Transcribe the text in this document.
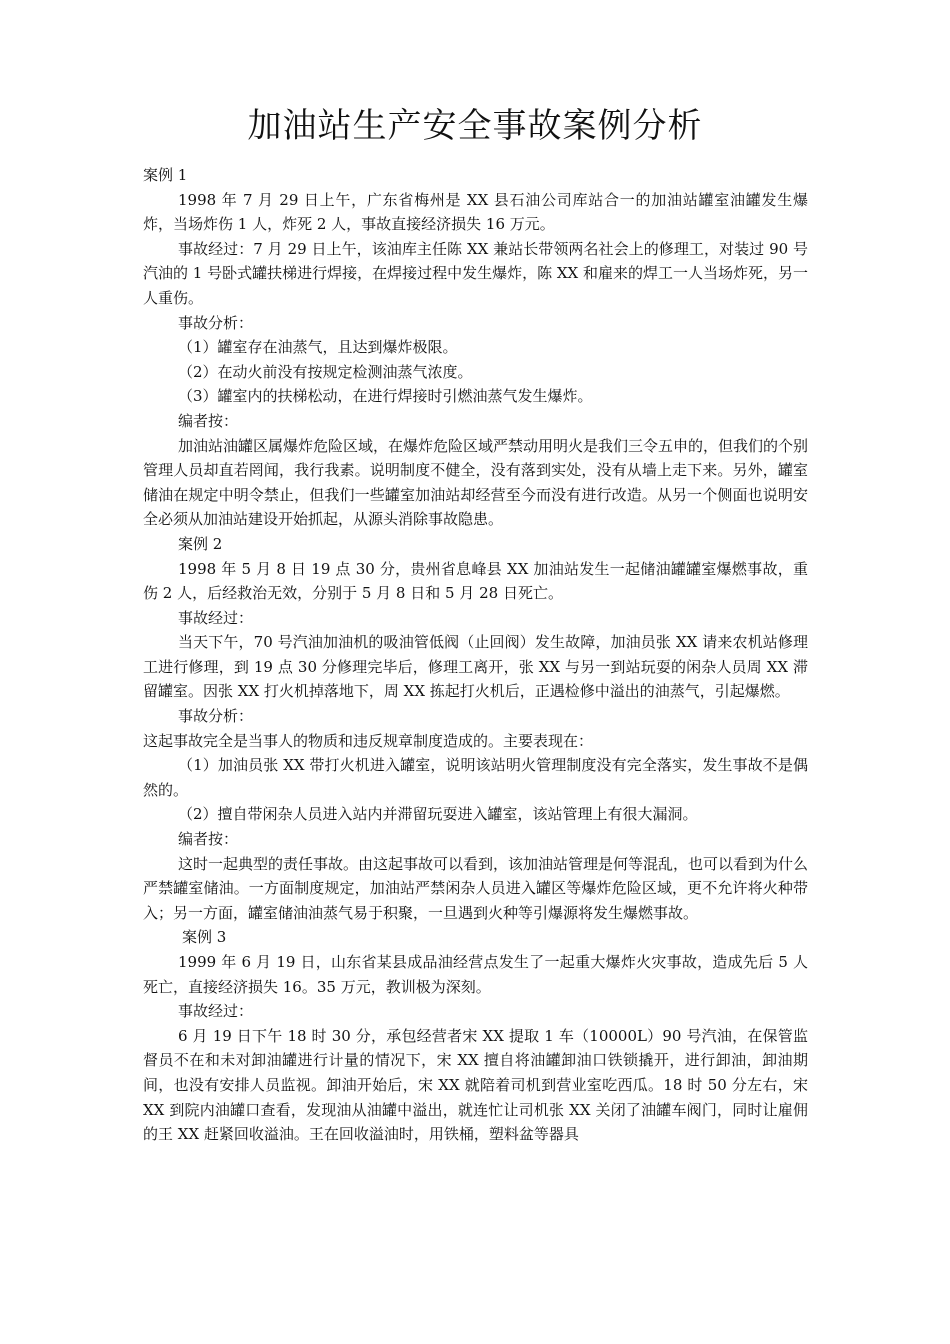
加油站生产安全事故案例分析

案例 1

1998 年 7 月 29 日上午，广东省梅州是 XX 县石油公司库站合一的加油站罐室油罐发生爆炸，当场炸伤 1 人，炸死 2 人，事故直接经济损失 16 万元。

事故经过：7 月 29 日上午，该油库主任陈 XX 兼站长带领两名社会上的修理工，对装过 90 号汽油的 1 号卧式罐扶梯进行焊接，在焊接过程中发生爆炸，陈 XX 和雇来的焊工一人当场炸死，另一人重伤。

事故分析：

（1）罐室存在油蒸气，且达到爆炸极限。

（2）在动火前没有按规定检测油蒸气浓度。

（3）罐室内的扶梯松动，在进行焊接时引燃油蒸气发生爆炸。

编者按：

加油站油罐区属爆炸危险区域，在爆炸危险区域严禁动用明火是我们三令五申的，但我们的个别管理人员却直若罔闻，我行我素。说明制度不健全，没有落到实处，没有从墙上走下来。另外，罐室储油在规定中明令禁止，但我们一些罐室加油站却经营至今而没有进行改造。从另一个侧面也说明安全必须从加油站建设开始抓起，从源头消除事故隐患。

案例 2

1998 年 5 月 8 日 19 点 30 分，贵州省息峰县 XX 加油站发生一起储油罐罐室爆燃事故，重伤 2 人，后经救治无效，分别于 5 月 8 日和 5 月 28 日死亡。

事故经过：

当天下午，70 号汽油加油机的吸油管低阀（止回阀）发生故障，加油员张 XX 请来农机站修理工进行修理，到 19 点 30 分修理完毕后，修理工离开，张 XX 与另一到站玩耍的闲杂人员周 XX 滞留罐室。因张 XX 打火机掉落地下，周 XX 拣起打火机后，正遇检修中溢出的油蒸气，引起爆燃。

事故分析：

这起事故完全是当事人的物质和违反规章制度造成的。主要表现在：

（1）加油员张 XX 带打火机进入罐室，说明该站明火管理制度没有完全落实，发生事故不是偶然的。

（2）擅自带闲杂人员进入站内并滞留玩耍进入罐室，该站管理上有很大漏洞。

编者按：

这时一起典型的责任事故。由这起事故可以看到，该加油站管理是何等混乱，也可以看到为什么严禁罐室储油。一方面制度规定，加油站严禁闲杂人员进入罐区等爆炸危险区域，更不允许将火种带入；另一方面，罐室储油油蒸气易于积聚，一旦遇到火种等引爆源将发生爆燃事故。

案例 3

1999 年 6 月 19 日，山东省某县成品油经营点发生了一起重大爆炸火灾事故，造成先后 5 人死亡，直接经济损失 16。35 万元，教训极为深刻。

事故经过：

6 月 19 日下午 18 时 30 分，承包经营者宋 XX 提取 1 车（10000L）90 号汽油，在保管监督员不在和未对卸油罐进行计量的情况下，宋 XX 擅自将油罐卸油口铁锁撬开，进行卸油，卸油期间，也没有安排人员监视。卸油开始后，宋 XX 就陪着司机到营业室吃西瓜。18 时 50 分左右，宋 XX 到院内油罐口查看，发现油从油罐中溢出，就连忙让司机张 XX 关闭了油罐车阀门，同时让雇佣的王 XX 赶紧回收溢油。王在回收溢油时，用铁桶，塑料盆等器具
